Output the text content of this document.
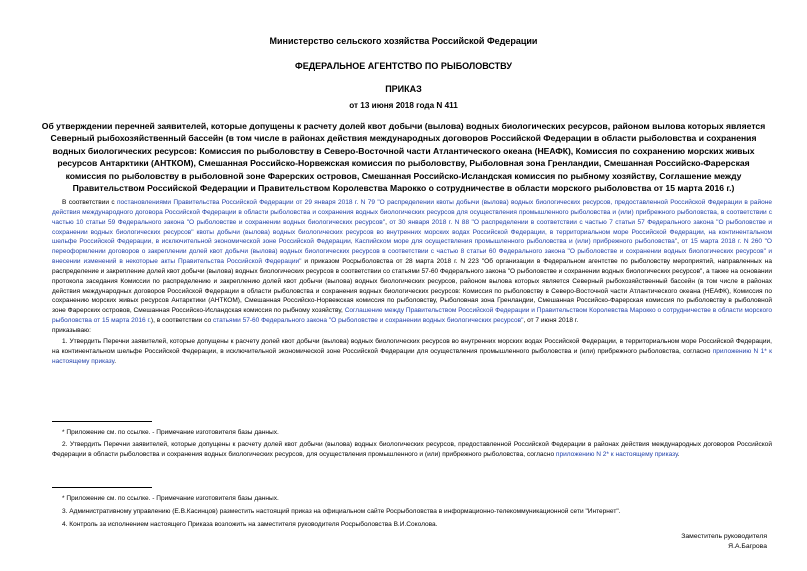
Министерство сельского хозяйства Российской Федерации
ФЕДЕРАЛЬНОЕ АГЕНТСТВО ПО РЫБОЛОВСТВУ
ПРИКАЗ
от 13 июня 2018 года N 411
Об утверждении перечней заявителей, которые допущены к расчету долей квот добычи (вылова) водных биологических ресурсов, районом вылова которых является Северный рыбохозяйственный бассейн (в том числе в районах действия международных договоров Российской Федерации в области рыболовства и сохранения водных биологических ресурсов: Комиссия по рыболовству в Северо-Восточной части Атлантического океана (НЕАФК), Комиссия по сохранению морских живых ресурсов Антарктики (АНТКОМ), Смешанная Российско-Норвежская комиссия по рыболовству, Рыболовная зона Гренландии, Смешанная Российско-Фарерская комиссия по рыболовству в рыболовной зоне Фарерских островов, Смешанная Российско-Исландская комиссия по рыбному хозяйству, Соглашение между Правительством Российской Федерации и Правительством Королевства Марокко о сотрудничестве в области морского рыболовства от 15 марта 2016 г.)

В соответствии с постановлениями Правительства Российской Федерации от 29 января 2018 г. N 79 "О распределении квоты добычи (вылова) водных биологических ресурсов, предоставленной Российской Федерации в районе действия международного договора Российской Федерации в области рыболовства и сохранения водных биологических ресурсов для осуществления промышленного рыболовства и (или) прибрежного рыболовства, в соответствии с частью 10 статьи 59 Федерального закона "О рыболовстве и сохранении водных биологических ресурсов", от 30 января 2018 г. N 88 "О распределении в соответствии с частью 7 статьи 57 Федерального закона "О рыболовстве и сохранении водных биологических ресурсов" квоты добычи (вылова) водных биологических ресурсов во внутренних морских водах Российской Федерации, в территориальном море Российской Федерации, на континентальном шельфе Российской Федерации, в исключительной экономической зоне Российской Федерации, Каспийском море для осуществления промышленного рыболовства и (или) прибрежного рыболовства", от 15 марта 2018 г. N 260 "О переоформлении договоров о закреплении долей квот добычи (вылова) водных биологических ресурсов в соответствии с частью 8 статьи 60 Федерального закона "О рыболовстве и сохранении водных биологических ресурсов" и внесении изменений в некоторые акты Правительства Российской Федерации" и приказом Росрыболовства от 28 марта 2018 г. N 223 "Об организации в Федеральном агентстве по рыболовству мероприятий, направленных на распределение и закрепление долей квот добычи (вылова) водных биологических ресурсов в соответствии со статьями 57-60 Федерального закона "О рыболовстве и сохранении водных биологических ресурсов", а также на основании протокола заседания Комиссии по распределению и закреплению долей квот добычи (вылова) водных биологических ресурсов, районом вылова которых является Северный рыбохозяйственный бассейн (в том числе в районах действия международных договоров Российской Федерации в области рыболовства и сохранения водных биологических ресурсов: Комиссия по рыболовству в Северо-Восточной части Атлантического океана (НЕАФК), Комиссия по сохранению морских живых ресурсов Антарктики (АНТКОМ), Смешанная Российско-Норвежская комиссия по рыболовству, Рыболовная зона Гренландии, Смешанная Российско-Фарерская комиссия по рыболовству в рыболовной зоне Фарерских островов, Смешанная Российско-Исландская комиссия по рыбному хозяйству, Соглашение между Правительством Российской Федерации и Правительством Королевства Марокко о сотрудничестве в области морского рыболовства от 15 марта 2016 г.), в соответствии со статьями 57-60 Федерального закона "О рыболовстве и сохранении водных биологических ресурсов", от 7 июня 2018 г.

приказываю:

1. Утвердить Перечни заявителей, которые допущены к расчету долей квот добычи (вылова) водных биологических ресурсов во внутренних морских водах Российской Федерации, в территориальном море Российской Федерации, на континентальном шельфе Российской Федерации, в исключительной экономической зоне Российской Федерации для осуществления промышленного рыболовства и (или) прибрежного рыболовства, согласно приложению N 1* к настоящему приказу.

* Приложение см. по ссылке. - Примечание изготовителя базы данных.

2. Утвердить Перечни заявителей, которые допущены к расчету долей квот добычи (вылова) водных биологических ресурсов, предоставленной Российской Федерации в районах действия международных договоров Российской Федерации в области рыболовства и сохранения водных биологических ресурсов, для осуществления промышленного и (или) прибрежного рыболовства, согласно приложению N 2* к настоящему приказу.

* Приложение см. по ссылке. - Примечание изготовителя базы данных.

3. Административному управлению (Е.В.Касинцов) разместить настоящий приказ на официальном сайте Росрыболовства в информационно-телекоммуникационной сети "Интернет".

4. Контроль за исполнением настоящего Приказа возложить на заместителя руководителя Росрыболовства В.И.Соколова.

Заместитель руководителя
Я.А.Багрова
